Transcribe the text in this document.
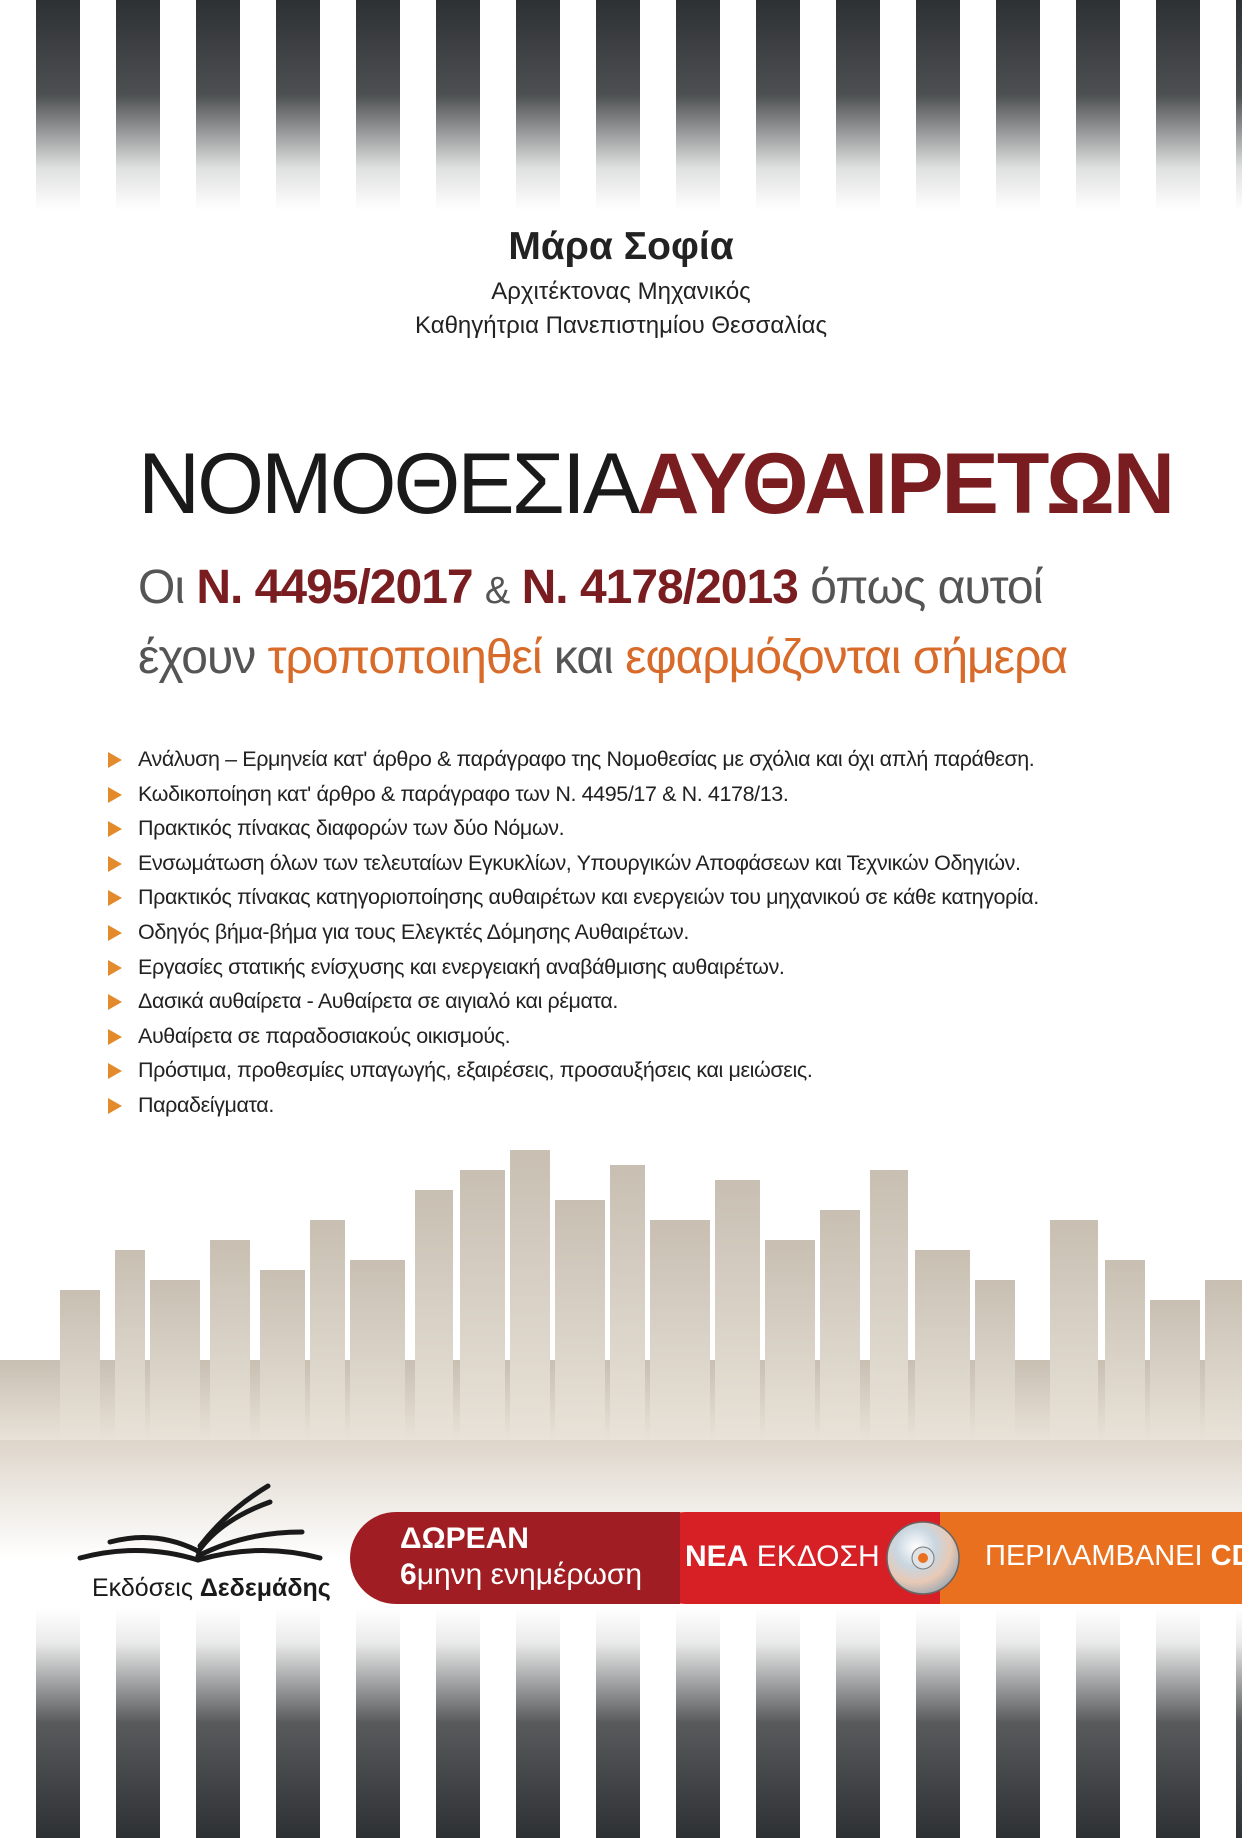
Μάρα Σοφία
Αρχιτέκτονας Μηχανικός
Καθηγήτρια Πανεπιστημίου Θεσσαλίας
ΝΟΜΟΘΕΣΙΑΑΥΘΑΙΡΕΤΩΝ
Οι Ν. 4495/2017 & Ν. 4178/2013 όπως αυτοί
έχουν τροποποιηθεί και εφαρμόζονται σήμερα
Ανάλυση – Ερμηνεία κατ' άρθρο & παράγραφο της Νομοθεσίας με σχόλια και όχι απλή παράθεση.
Κωδικοποίηση κατ' άρθρο & παράγραφο των Ν. 4495/17 & Ν. 4178/13.
Πρακτικός πίνακας διαφορών των δύο Νόμων.
Ενσωμάτωση όλων των τελευταίων Εγκυκλίων, Υπουργικών Αποφάσεων και Τεχνικών Οδηγιών.
Πρακτικός πίνακας κατηγοριοποίησης αυθαιρέτων και ενεργειών του μηχανικού σε κάθε κατηγορία.
Οδηγός βήμα-βήμα για τους Ελεγκτές Δόμησης Αυθαιρέτων.
Εργασίες στατικής ενίσχυσης και ενεργειακή αναβάθμισης αυθαιρέτων.
Δασικά αυθαίρετα - Αυθαίρετα σε αιγιαλό και ρέματα.
Αυθαίρετα σε παραδοσιακούς οικισμούς.
Πρόστιμα, προθεσμίες υπαγωγής, εξαιρέσεις, προσαυξήσεις και μειώσεις.
Παραδείγματα.
Εκδόσεις Δεδεμάδης
ΔΩΡΕΑΝ
6μηνη ενημέρωση
ΝΕΑ ΕΚΔΟΣΗ	ΠΕΡΙΛΑΜΒΑΝΕΙ CD
